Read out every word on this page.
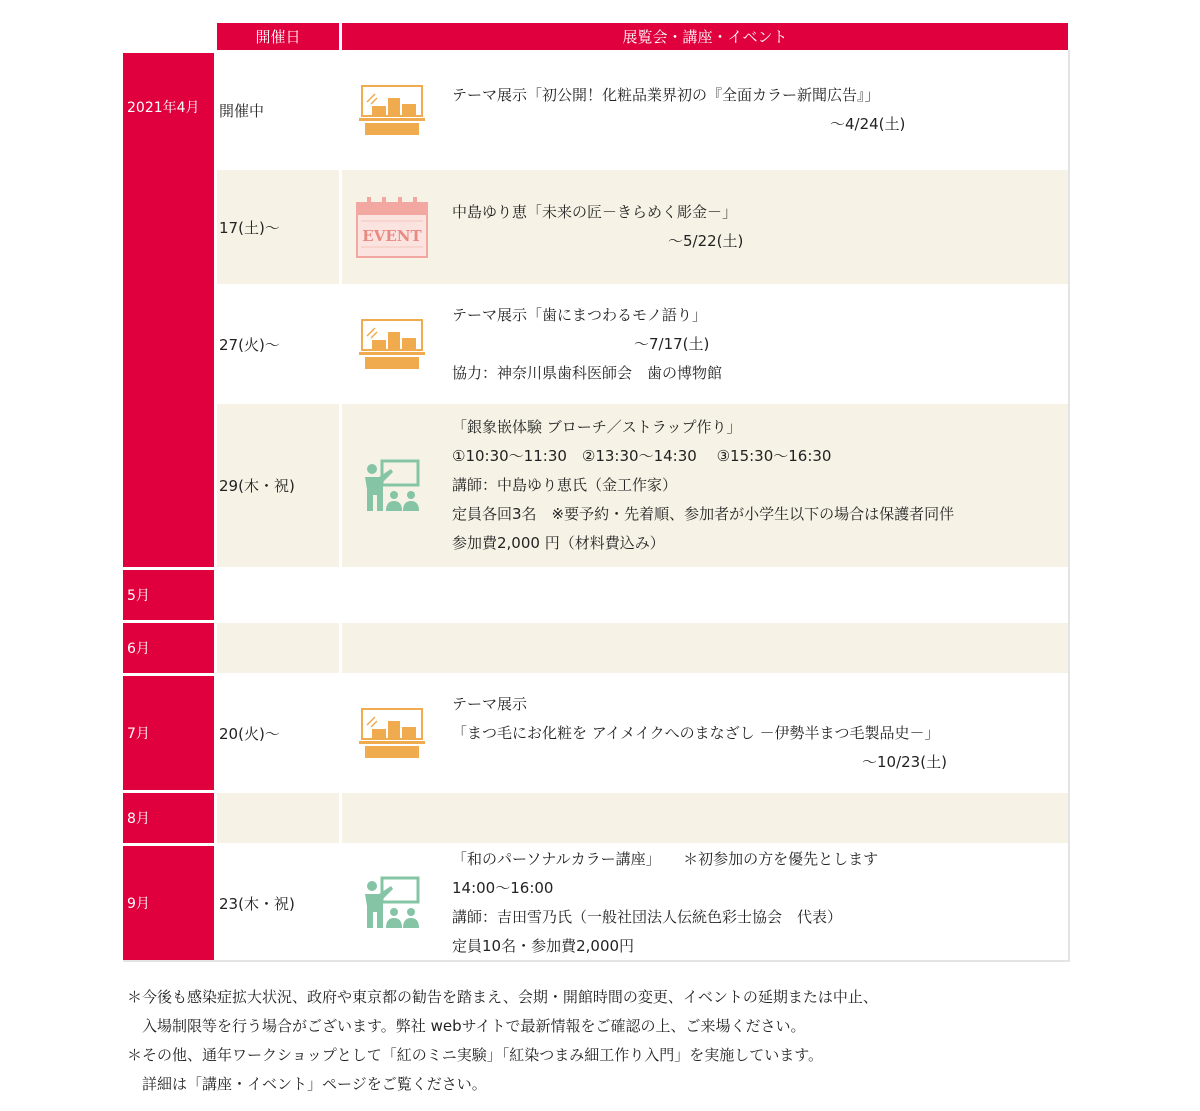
開催日	展覧会・講座・イベント
2021年4月
5月
6月
7月
8月
9月
開催中
テーマ展示「初公開！化粧品業界初の『全面カラー新聞広告』」
〜4/24(土)
17(土)〜	EVENT
中島ゆり恵「未来の匠－きらめく彫金－」
〜5/22(土)
27(火)〜
テーマ展示「歯にまつわるモノ語り」
〜7/17(土)
協力：神奈川県歯科医師会　歯の博物館
29(木・祝)
「銀象嵌体験 ブローチ／ストラップ作り」
①10:30〜11:30　②13:30〜14:30　 ③15:30〜16:30
講師：中島ゆり恵氏（金工作家）
定員各回3名　※要予約・先着順、参加者が小学生以下の場合は保護者同伴
参加費2,000 円（材料費込み）
20(火)〜
テーマ展示
「まつ毛にお化粧を アイメイクへのまなざし －伊勢半まつ毛製品史－」
〜10/23(土)
23(木・祝)
「和のパーソナルカラー講座」　　＊初参加の方を優先とします
14:00〜16:00
講師：吉田雪乃氏（一般社団法人伝統色彩士協会　代表）
定員10名・参加費2,000円
＊今後も感染症拡大状況、政府や東京都の勧告を踏まえ、会期・開館時間の変更、イベントの延期または中止、
　入場制限等を行う場合がございます。弊社 webサイトで最新情報をご確認の上、ご来場ください。
＊その他、通年ワークショップとして「紅のミニ実験」「紅染つまみ細工作り入門」を実施しています。
　詳細は「講座・イベント」ページをご覧ください。
